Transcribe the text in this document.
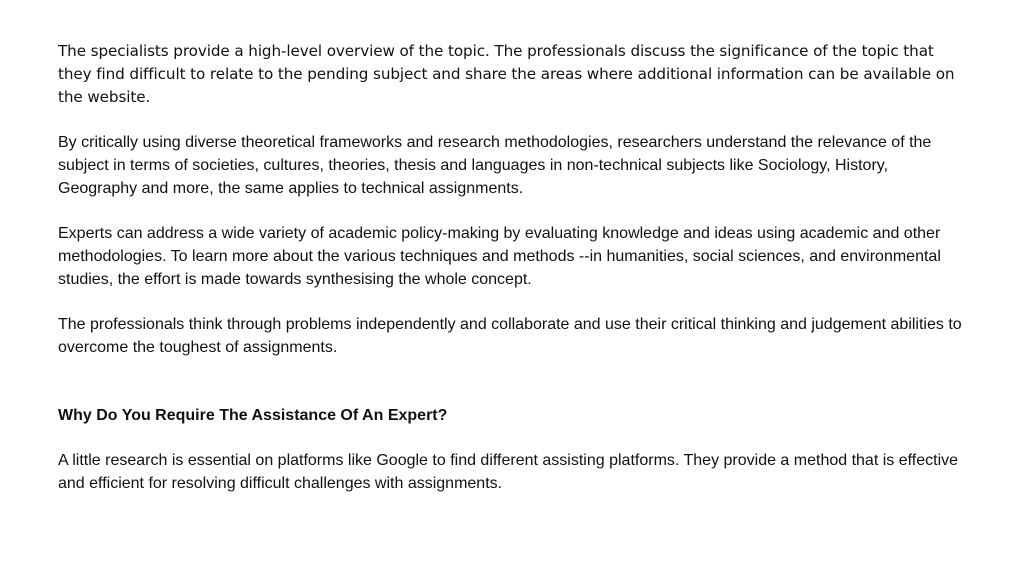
The specialists provide a high-level overview of the topic. The professionals discuss the significance of the topic that they find difficult to relate to the pending subject and share the areas where additional information can be available on the website.

By critically using diverse theoretical frameworks and research methodologies, researchers understand the relevance of the subject in terms of societies, cultures, theories, thesis and languages in non-technical subjects like Sociology, History, Geography and more, the same applies to technical assignments.

Experts can address a wide variety of academic policy-making by evaluating knowledge and ideas using academic and other methodologies. To learn more about the various techniques and methods --in humanities, social sciences, and environmental studies, the effort is made towards synthesising the whole concept.

The professionals think through problems independently and collaborate and use their critical thinking and judgement abilities to overcome the toughest of assignments.

Why Do You Require The Assistance Of An Expert?

A little research is essential on platforms like Google to find different assisting platforms. They provide a method that is effective and efficient for resolving difficult challenges with assignments.
